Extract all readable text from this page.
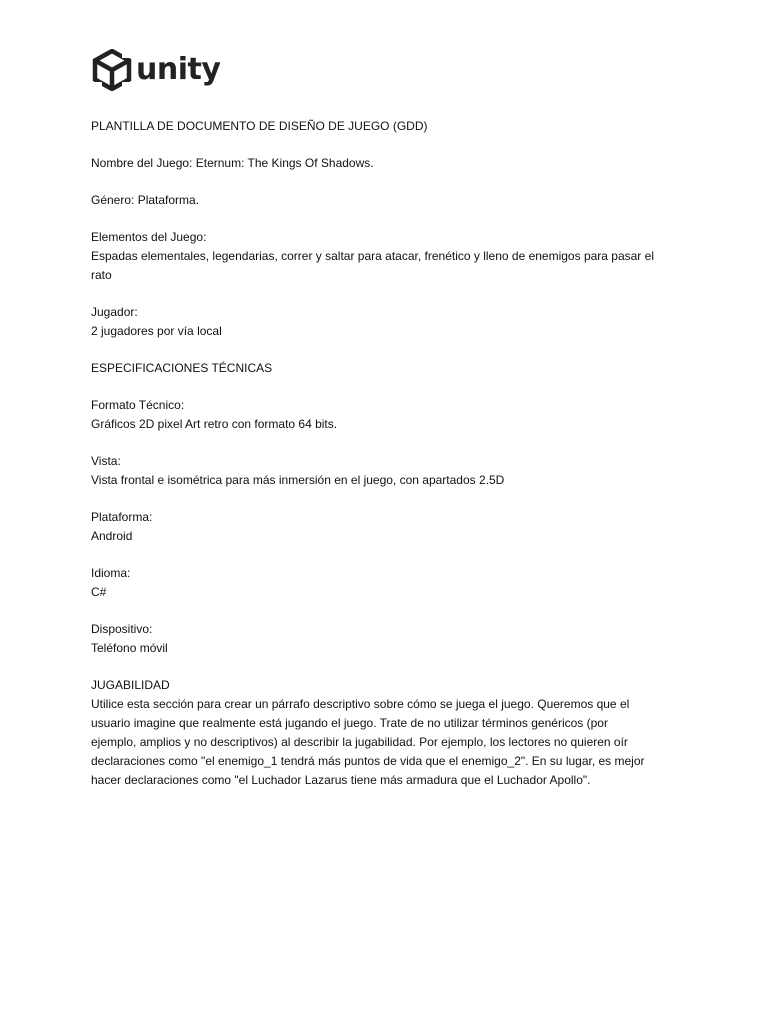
unity
PLANTILLA DE DOCUMENTO DE DISEÑO DE JUEGO (GDD)
Nombre del Juego: Eternum: The Kings Of Shadows.
Género: Plataforma.
Elementos del Juego:
Espadas elementales, legendarias, correr y saltar para atacar, frenético y lleno de enemigos para pasar el
rato
Jugador:
2 jugadores por vía local
ESPECIFICACIONES TÉCNICAS
Formato Técnico:
Gráficos 2D pixel Art retro con formato 64 bits.
Vista:
Vista frontal e isométrica para más inmersión en el juego, con apartados 2.5D
Plataforma:
Android
Idioma:
C#
Dispositivo:
Teléfono móvil
JUGABILIDAD
Utilice esta sección para crear un párrafo descriptivo sobre cómo se juega el juego. Queremos que el
usuario imagine que realmente está jugando el juego. Trate de no utilizar términos genéricos (por
ejemplo, amplios y no descriptivos) al describir la jugabilidad. Por ejemplo, los lectores no quieren oír
declaraciones como "el enemigo_1 tendrá más puntos de vida que el enemigo_2". En su lugar, es mejor
hacer declaraciones como "el Luchador Lazarus tiene más armadura que el Luchador Apollo".
